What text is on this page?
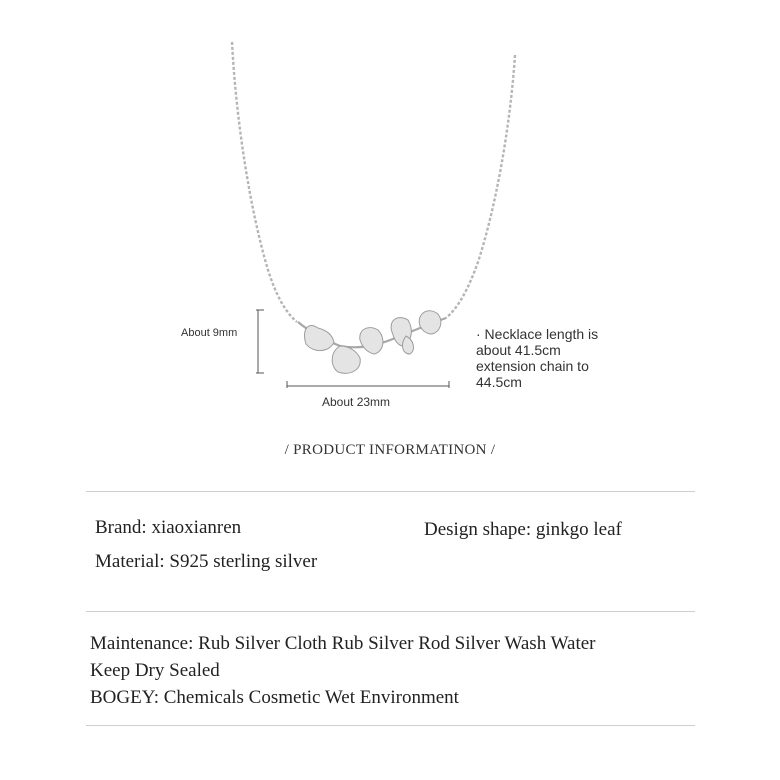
About 9mm
About 23mm
· Necklace length is
about 41.5cm
extension chain to
44.5cm
/ PRODUCT INFORMATINON /
Brand: xiaoxianren	Design shape: ginkgo leaf
Material: S925 sterling silver
Maintenance: Rub Silver Cloth Rub Silver Rod Silver Wash Water
Keep Dry Sealed
BOGEY: Chemicals Cosmetic Wet Environment
